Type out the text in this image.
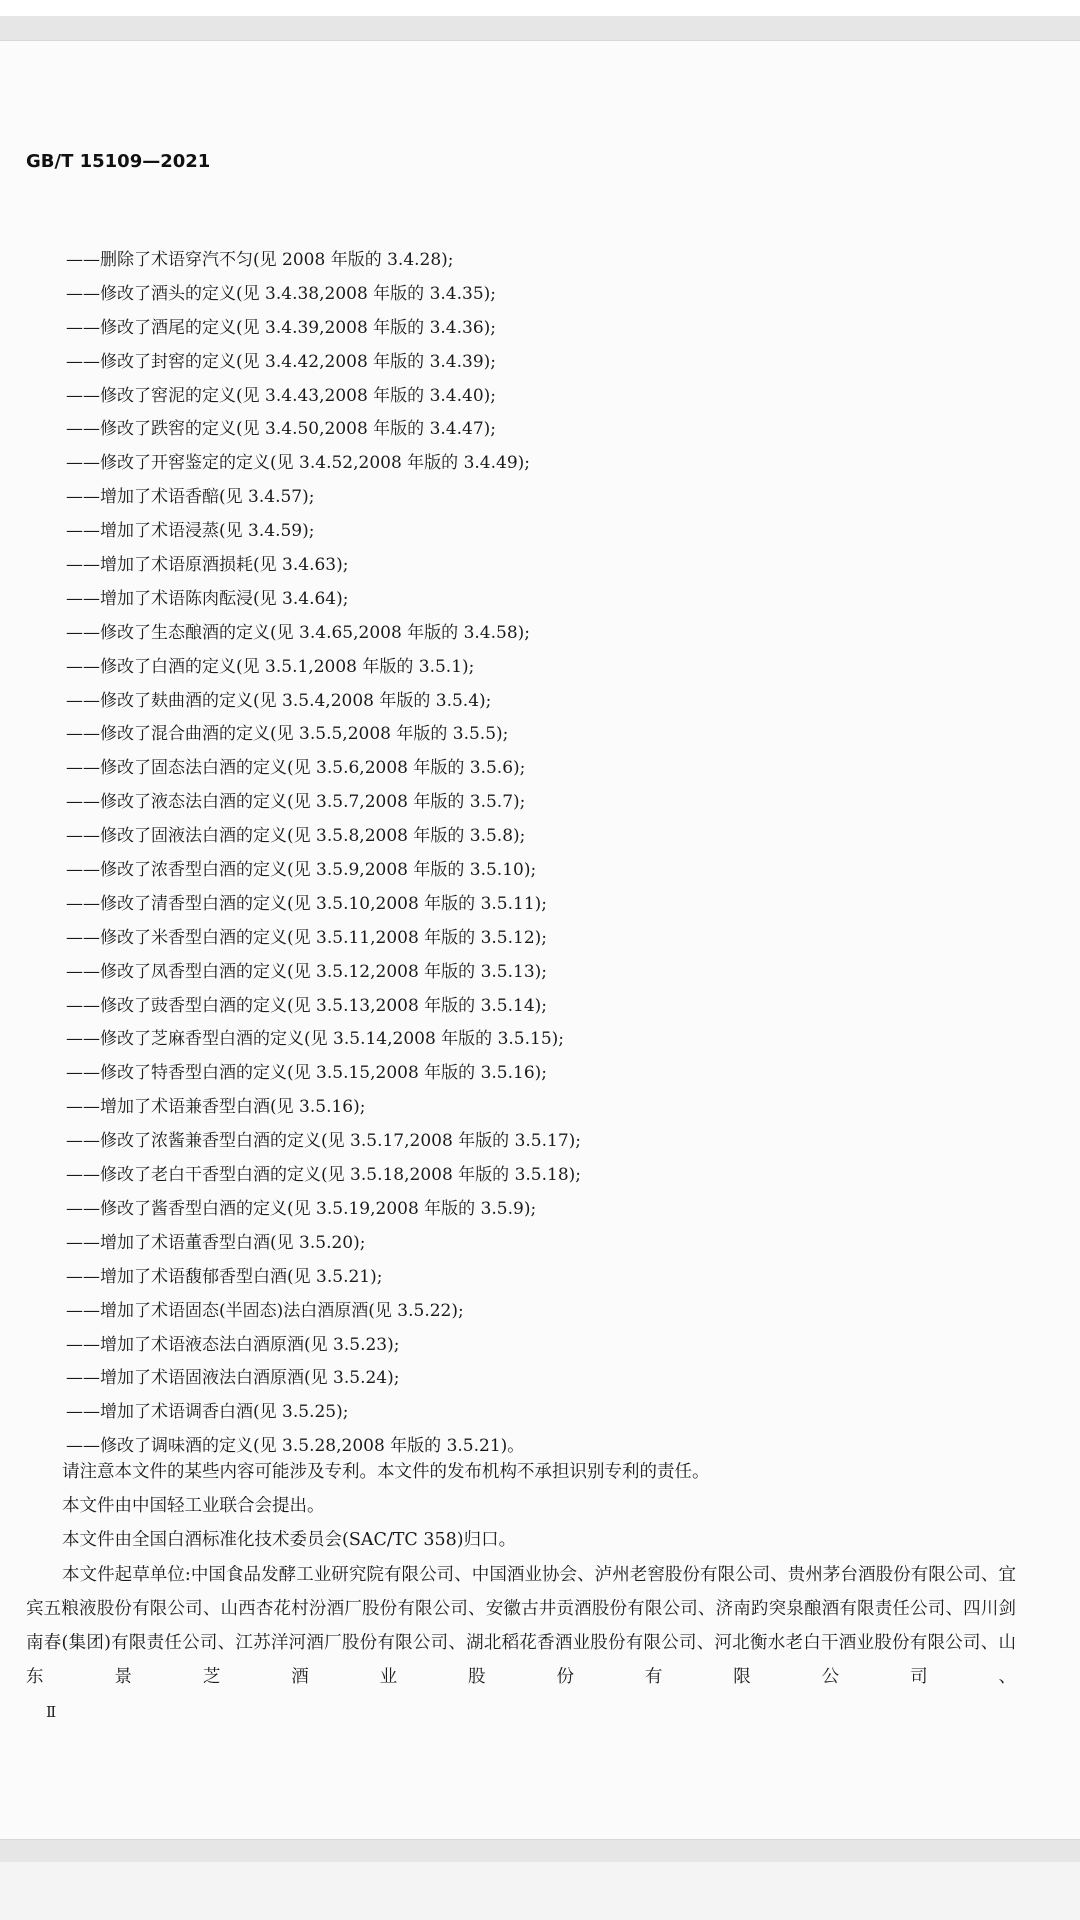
GB/T 15109—2021
——删除了术语穿汽不匀(见 2008 年版的 3.4.28);
——修改了酒头的定义(见 3.4.38,2008 年版的 3.4.35);
——修改了酒尾的定义(见 3.4.39,2008 年版的 3.4.36);
——修改了封窖的定义(见 3.4.42,2008 年版的 3.4.39);
——修改了窖泥的定义(见 3.4.43,2008 年版的 3.4.40);
——修改了跌窖的定义(见 3.4.50,2008 年版的 3.4.47);
——修改了开窖鉴定的定义(见 3.4.52,2008 年版的 3.4.49);
——增加了术语香醅(见 3.4.57);
——增加了术语浸蒸(见 3.4.59);
——增加了术语原酒损耗(见 3.4.63);
——增加了术语陈肉酝浸(见 3.4.64);
——修改了生态酿酒的定义(见 3.4.65,2008 年版的 3.4.58);
——修改了白酒的定义(见 3.5.1,2008 年版的 3.5.1);
——修改了麸曲酒的定义(见 3.5.4,2008 年版的 3.5.4);
——修改了混合曲酒的定义(见 3.5.5,2008 年版的 3.5.5);
——修改了固态法白酒的定义(见 3.5.6,2008 年版的 3.5.6);
——修改了液态法白酒的定义(见 3.5.7,2008 年版的 3.5.7);
——修改了固液法白酒的定义(见 3.5.8,2008 年版的 3.5.8);
——修改了浓香型白酒的定义(见 3.5.9,2008 年版的 3.5.10);
——修改了清香型白酒的定义(见 3.5.10,2008 年版的 3.5.11);
——修改了米香型白酒的定义(见 3.5.11,2008 年版的 3.5.12);
——修改了凤香型白酒的定义(见 3.5.12,2008 年版的 3.5.13);
——修改了豉香型白酒的定义(见 3.5.13,2008 年版的 3.5.14);
——修改了芝麻香型白酒的定义(见 3.5.14,2008 年版的 3.5.15);
——修改了特香型白酒的定义(见 3.5.15,2008 年版的 3.5.16);
——增加了术语兼香型白酒(见 3.5.16);
——修改了浓酱兼香型白酒的定义(见 3.5.17,2008 年版的 3.5.17);
——修改了老白干香型白酒的定义(见 3.5.18,2008 年版的 3.5.18);
——修改了酱香型白酒的定义(见 3.5.19,2008 年版的 3.5.9);
——增加了术语董香型白酒(见 3.5.20);
——增加了术语馥郁香型白酒(见 3.5.21);
——增加了术语固态(半固态)法白酒原酒(见 3.5.22);
——增加了术语液态法白酒原酒(见 3.5.23);
——增加了术语固液法白酒原酒(见 3.5.24);
——增加了术语调香白酒(见 3.5.25);
——修改了调味酒的定义(见 3.5.28,2008 年版的 3.5.21)。

请注意本文件的某些内容可能涉及专利。本文件的发布机构不承担识别专利的责任。

本文件由中国轻工业联合会提出。

本文件由全国白酒标准化技术委员会(SAC/TC 358)归口。

本文件起草单位:中国食品发酵工业研究院有限公司、中国酒业协会、泸州老窖股份有限公司、贵州茅台酒股份有限公司、宜宾五粮液股份有限公司、山西杏花村汾酒厂股份有限公司、安徽古井贡酒股份有限公司、济南趵突泉酿酒有限责任公司、四川剑南春(集团)有限责任公司、江苏洋河酒厂股份有限公司、湖北稻花香酒业股份有限公司、河北衡水老白干酒业股份有限公司、山东景芝酒业股份有限公司、

Ⅱ
